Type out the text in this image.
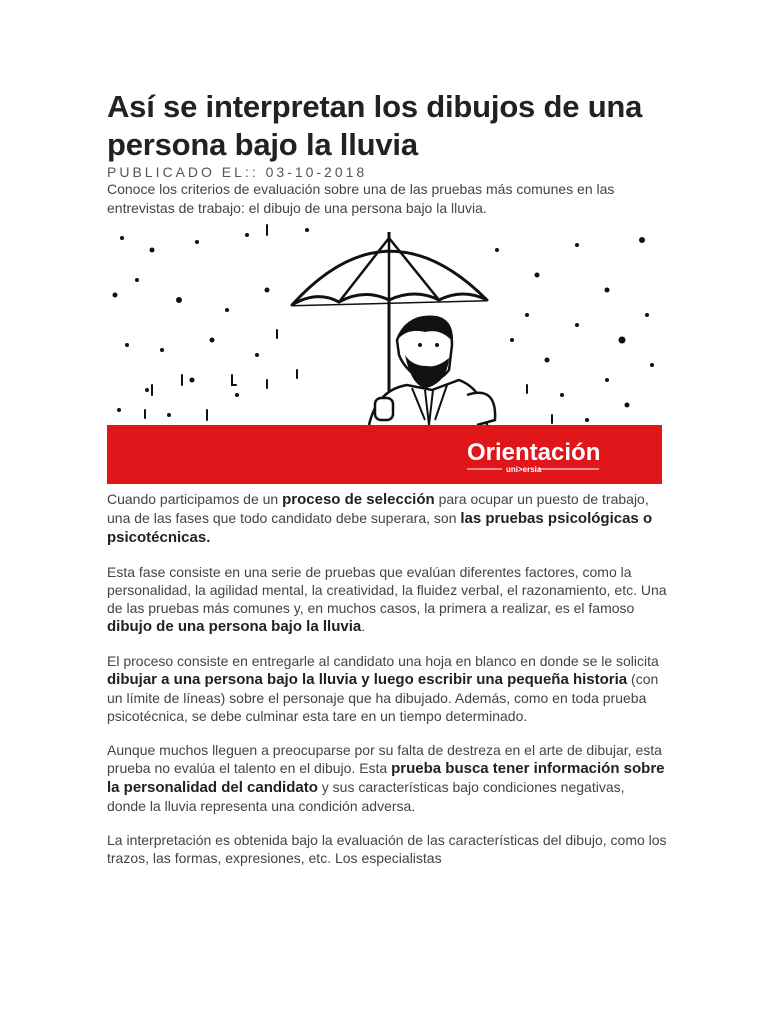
Así se interpretan los dibujos de una persona bajo la lluvia
PUBLICADO EL:: 03-10-2018
Conoce los criterios de evaluación sobre una de las pruebas más comunes en las entrevistas de trabajo: el dibujo de una persona bajo la lluvia.
Orientación
uni>ersia

Cuando participamos de un proceso de selección para ocupar un puesto de trabajo, una de las fases que todo candidato debe superara, son las pruebas psicológicas o psicotécnicas.

Esta fase consiste en una serie de pruebas que evalúan diferentes factores, como la personalidad, la agilidad mental, la creatividad, la fluidez verbal, el razonamiento, etc. Una de las pruebas más comunes y, en muchos casos, la primera a realizar, es el famoso dibujo de una persona bajo la lluvia.

El proceso consiste en entregarle al candidato una hoja en blanco en donde se le solicita dibujar a una persona bajo la lluvia y luego escribir una pequeña historia (con un límite de líneas) sobre el personaje que ha dibujado. Además, como en toda prueba psicotécnica, se debe culminar esta tare en un tiempo determinado.

Aunque muchos lleguen a preocuparse por su falta de destreza en el arte de dibujar, esta prueba no evalúa el talento en el dibujo. Esta prueba busca tener información sobre la personalidad del candidato y sus características bajo condiciones negativas, donde la lluvia representa una condición adversa.

La interpretación es obtenida bajo la evaluación de las características del dibujo, como los trazos, las formas, expresiones, etc. Los especialistas
